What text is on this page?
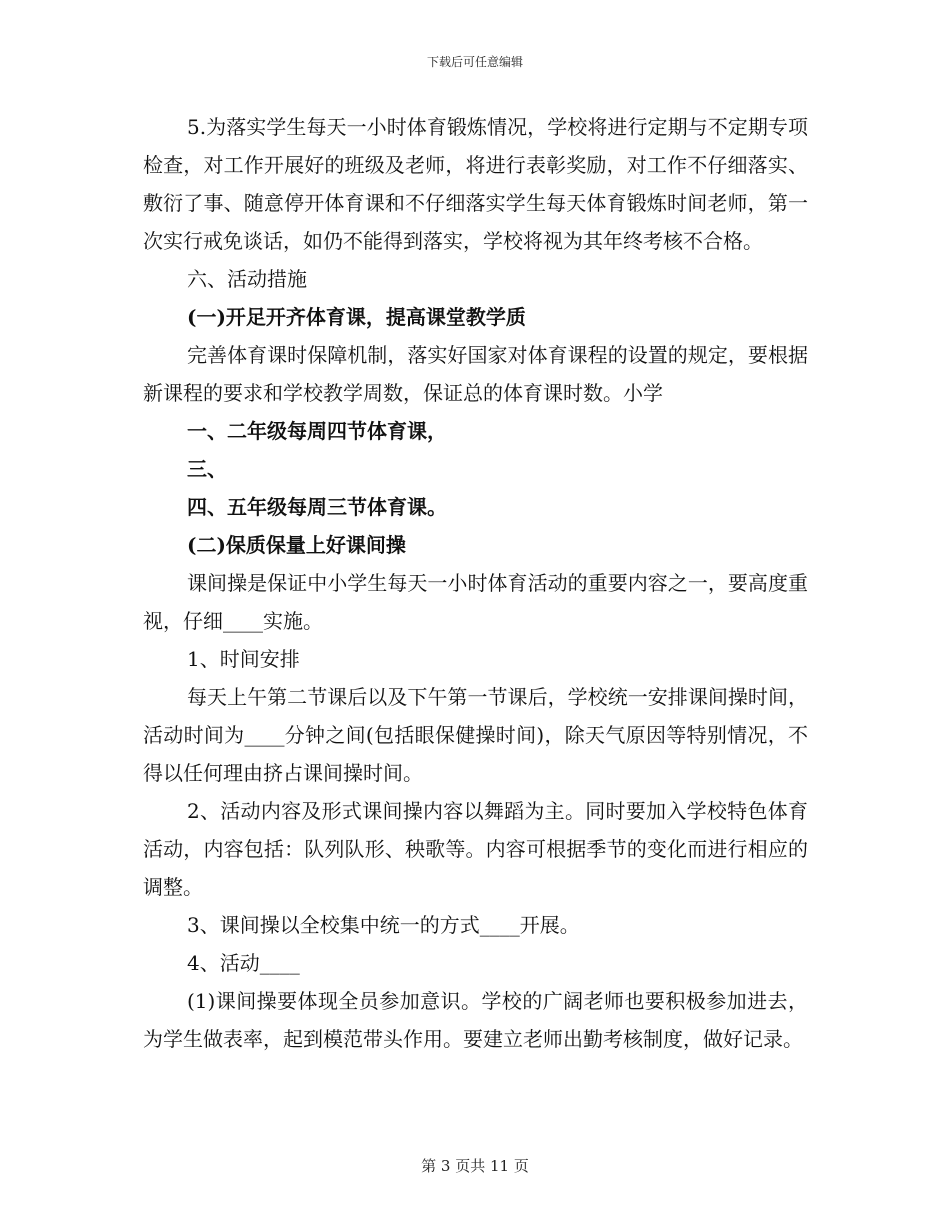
下载后可任意编辑

5.为落实学生每天一小时体育锻炼情况，学校将进行定期与不定期专项检查，对工作开展好的班级及老师，将进行表彰奖励，对工作不仔细落实、敷衍了事、随意停开体育课和不仔细落实学生每天体育锻炼时间老师，第一次实行戒免谈话，如仍不能得到落实，学校将视为其年终考核不合格。

六、活动措施

(一)开足开齐体育课，提高课堂教学质

完善体育课时保障机制，落实好国家对体育课程的设置的规定，要根据新课程的要求和学校教学周数，保证总的体育课时数。小学

一、二年级每周四节体育课，

三、

四、五年级每周三节体育课。

(二)保质保量上好课间操

课间操是保证中小学生每天一小时体育活动的重要内容之一，要高度重视，仔细____实施。

1、时间安排

每天上午第二节课后以及下午第一节课后，学校统一安排课间操时间，活动时间为____分钟之间(包括眼保健操时间)，除天气原因等特别情况，不得以任何理由挤占课间操时间。

2、活动内容及形式课间操内容以舞蹈为主。同时要加入学校特色体育活动，内容包括：队列队形、秧歌等。内容可根据季节的变化而进行相应的调整。

3、课间操以全校集中统一的方式____开展。

4、活动____

(1)课间操要体现全员参加意识。学校的广阔老师也要积极参加进去，为学生做表率，起到模范带头作用。要建立老师出勤考核制度，做好记录。

第 3 页共 11 页
